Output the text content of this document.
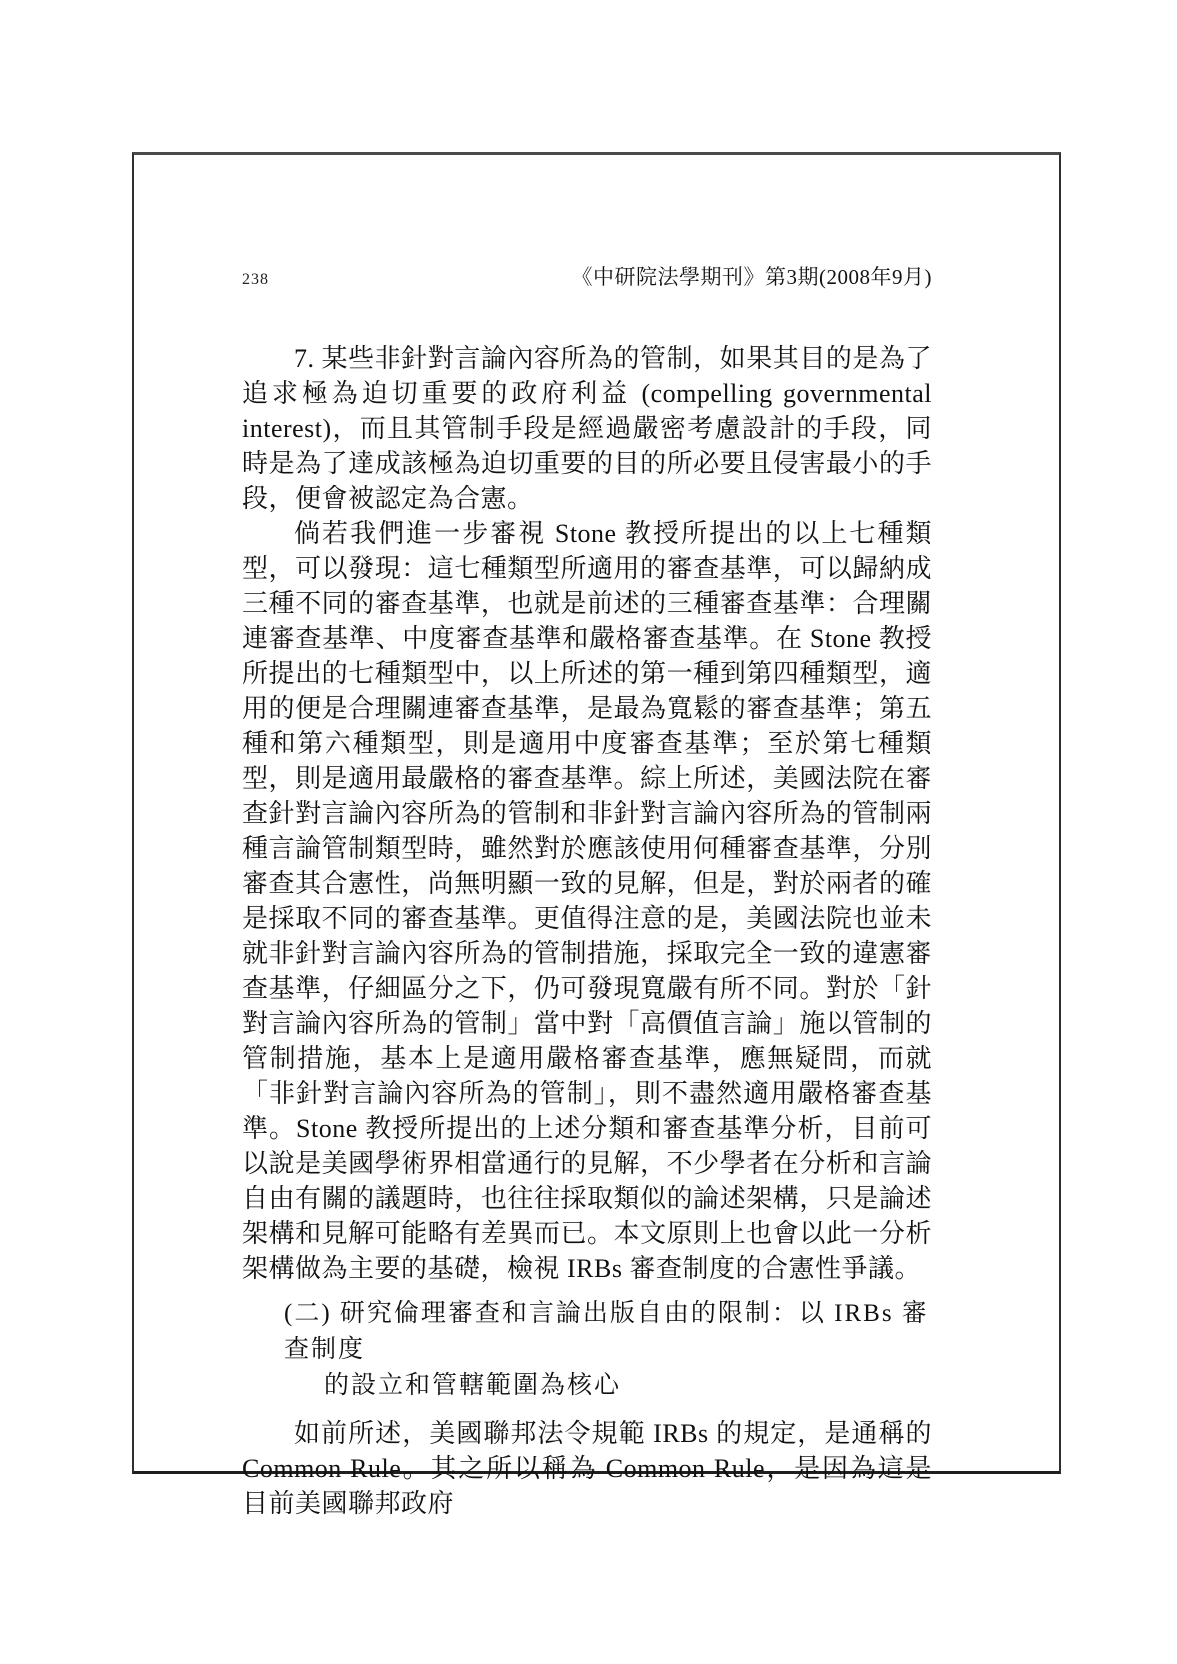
238	《中研院法學期刊》第3期(2008年9月)

7. 某些非針對言論內容所為的管制，如果其目的是為了追求極為迫切重要的政府利益 (compelling governmental interest)，而且其管制手段是經過嚴密考慮設計的手段，同時是為了達成該極為迫切重要的目的所必要且侵害最小的手段，便會被認定為合憲。

倘若我們進一步審視 Stone 教授所提出的以上七種類型，可以發現：這七種類型所適用的審查基準，可以歸納成三種不同的審查基準，也就是前述的三種審查基準：合理關連審查基準、中度審查基準和嚴格審查基準。在 Stone 教授所提出的七種類型中，以上所述的第一種到第四種類型，適用的便是合理關連審查基準，是最為寬鬆的審查基準；第五種和第六種類型，則是適用中度審查基準；至於第七種類型，則是適用最嚴格的審查基準。綜上所述，美國法院在審查針對言論內容所為的管制和非針對言論內容所為的管制兩種言論管制類型時，雖然對於應該使用何種審查基準，分別審查其合憲性，尚無明顯一致的見解，但是，對於兩者的確是採取不同的審查基準。更值得注意的是，美國法院也並未就非針對言論內容所為的管制措施，採取完全一致的違憲審查基準，仔細區分之下，仍可發現寬嚴有所不同。對於「針對言論內容所為的管制」當中對「高價值言論」施以管制的管制措施，基本上是適用嚴格審查基準，應無疑問，而就「非針對言論內容所為的管制」，則不盡然適用嚴格審查基準。Stone 教授所提出的上述分類和審查基準分析，目前可以說是美國學術界相當通行的見解，不少學者在分析和言論自由有關的議題時，也往往採取類似的論述架構，只是論述架構和見解可能略有差異而已。本文原則上也會以此一分析架構做為主要的基礎，檢視 IRBs 審查制度的合憲性爭議。

(二) 研究倫理審查和言論出版自由的限制：以 IRBs 審查制度
的設立和管轄範圍為核心

如前所述，美國聯邦法令規範 IRBs 的規定，是通稱的 Common Rule。其之所以稱為 Common Rule，是因為這是目前美國聯邦政府
